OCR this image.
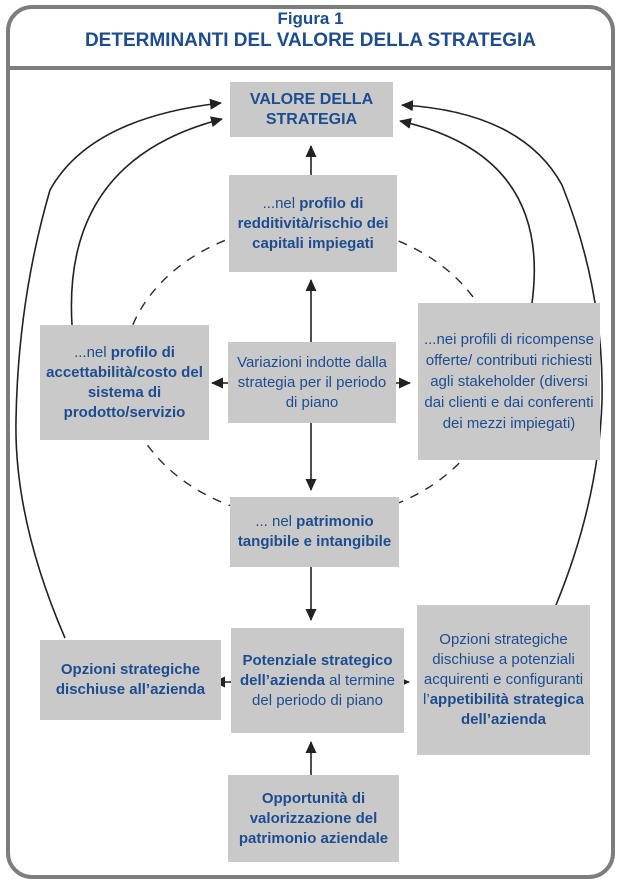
Figura 1
DETERMINANTI DEL VALORE DELLA STRATEGIA
VALORE DELLA STRATEGIA
...nel profilo di redditività/rischio dei capitali impiegati
...nel profilo di accettabilità/costo del sistema di prodotto/servizio
Variazioni indotte dalla strategia per il periodo di piano
...nei profili di ricompense offerte/ contributi richiesti agli stakeholder (diversi dai clienti e dai conferenti dei mezzi impiegati)
... nel patrimonio tangibile e intangibile
Potenziale strategico dell’azienda al termine del periodo di piano
Opzioni strategiche dischiuse all’azienda
Opzioni strategiche dischiuse a potenziali acquirenti e configuranti l’appetibilità strategica dell’azienda
Opportunità di valorizzazione del patrimonio aziendale
